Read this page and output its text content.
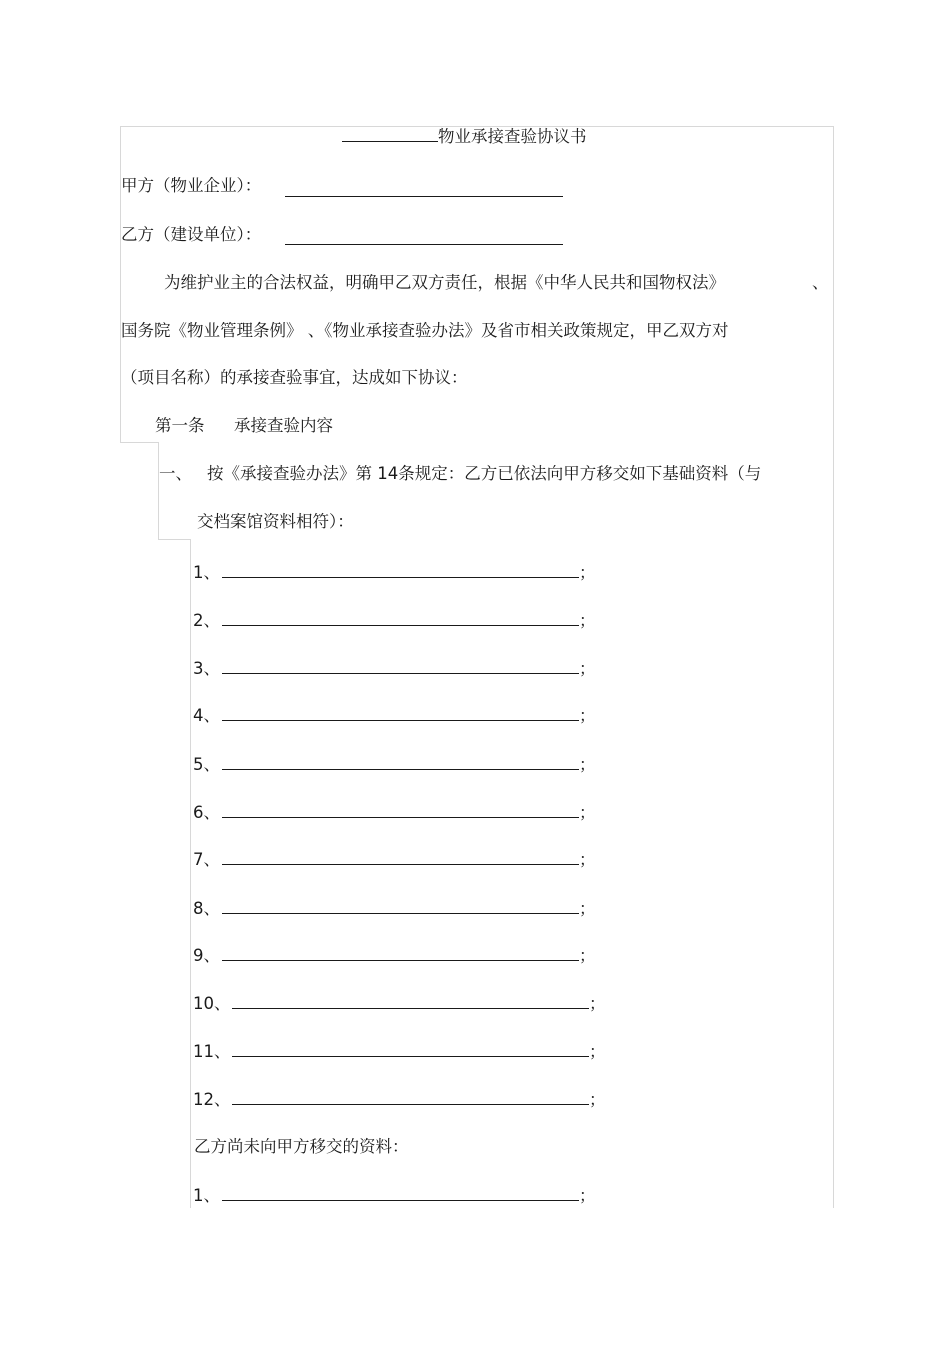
物业承接查验协议书
甲方（物业企业）：
乙方（建设单位）：
为维护业主的合法权益，明确甲乙双方责任，根据《中华人民共和国物权法》	、
国务院《物业管理条例》 、《物业承接查验办法》及省市相关政策规定，甲乙双方对
（项目名称）的承接查验事宜，达成如下协议：
第一条 承接查验内容
一、 按《承接查验办法》第 14条规定：乙方已依法向甲方移交如下基础资料（与
交档案馆资料相符）：
1、	；
2、	；
3、	；
4、	；
5、	；
6、	；
7、	；
8、	；
9、	；
10、	；
11、	；
12、	；
乙方尚未向甲方移交的资料：
1、	；
